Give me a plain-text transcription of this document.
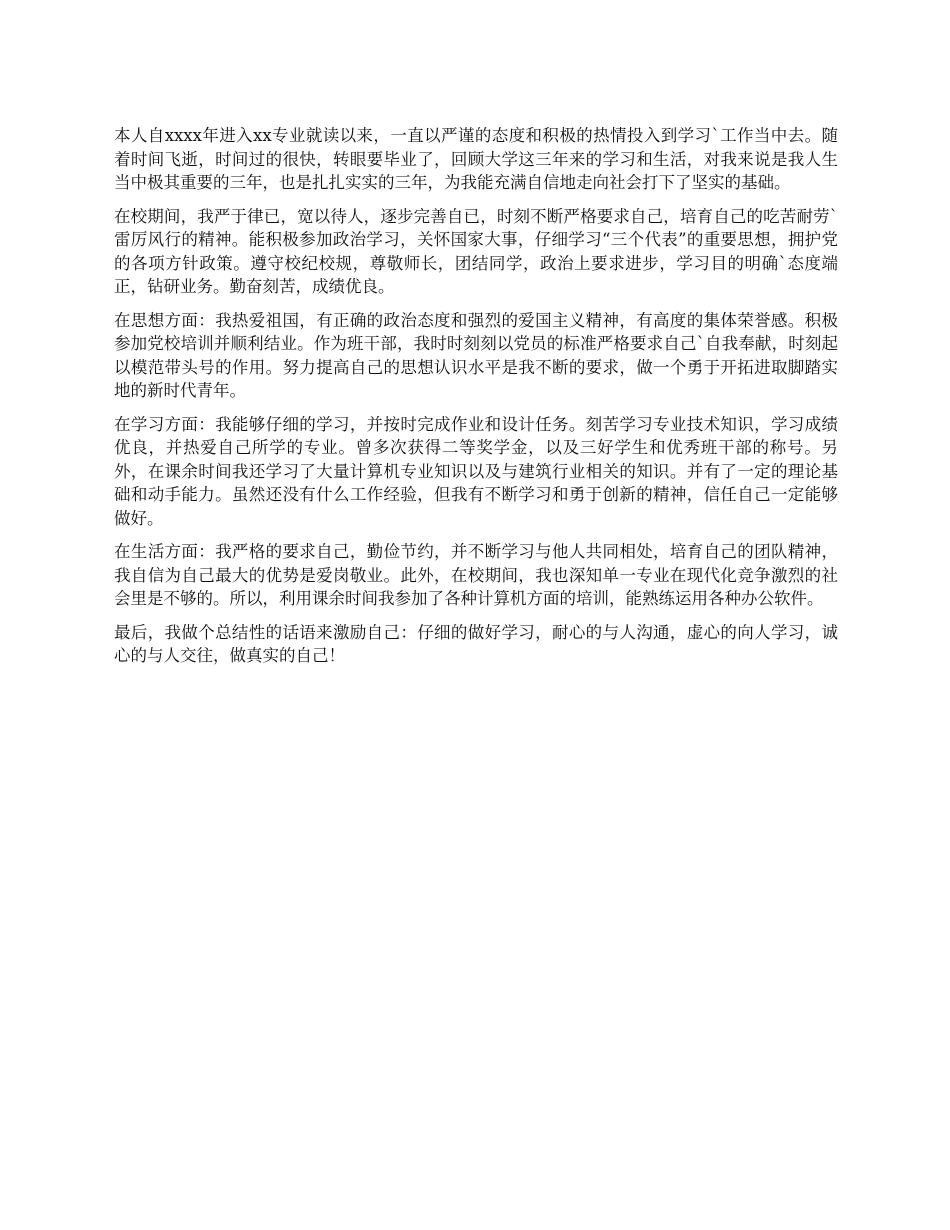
本人自xxxx年进入xx专业就读以来，一直以严谨的态度和积极的热情投入到学习`工作当中去。随着时间飞逝，时间过的很快，转眼要毕业了，回顾大学这三年来的学习和生活，对我来说是我人生当中极其重要的三年，也是扎扎实实的三年，为我能充满自信地走向社会打下了坚实的基础。

在校期间，我严于律已，宽以待人，逐步完善自已，时刻不断严格要求自己，培育自己的吃苦耐劳`雷厉风行的精神。能积极参加政治学习，关怀国家大事，仔细学习“三个代表”的重要思想，拥护党的各项方针政策。遵守校纪校规，尊敬师长，团结同学，政治上要求进步，学习目的明确`态度端正，钻研业务。勤奋刻苦，成绩优良。

在思想方面：我热爱祖国，有正确的政治态度和强烈的爱国主义精神，有高度的集体荣誉感。积极参加党校培训并顺利结业。作为班干部，我时时刻刻以党员的标准严格要求自己`自我奉献，时刻起以模范带头号的作用。努力提高自己的思想认识水平是我不断的要求，做一个勇于开拓进取脚踏实地的新时代青年。

在学习方面：我能够仔细的学习，并按时完成作业和设计任务。刻苦学习专业技术知识，学习成绩优良，并热爱自己所学的专业。曾多次获得二等奖学金，以及三好学生和优秀班干部的称号。另外，在课余时间我还学习了大量计算机专业知识以及与建筑行业相关的知识。并有了一定的理论基础和动手能力。虽然还没有什么工作经验，但我有不断学习和勇于创新的精神，信任自己一定能够做好。

在生活方面：我严格的要求自己，勤俭节约，并不断学习与他人共同相处，培育自己的团队精神，我自信为自己最大的优势是爱岗敬业。此外，在校期间，我也深知单一专业在现代化竞争激烈的社会里是不够的。所以，利用课余时间我参加了各种计算机方面的培训，能熟练运用各种办公软件。

最后，我做个总结性的话语来激励自己：仔细的做好学习，耐心的与人沟通，虚心的向人学习，诚心的与人交往，做真实的自己！
